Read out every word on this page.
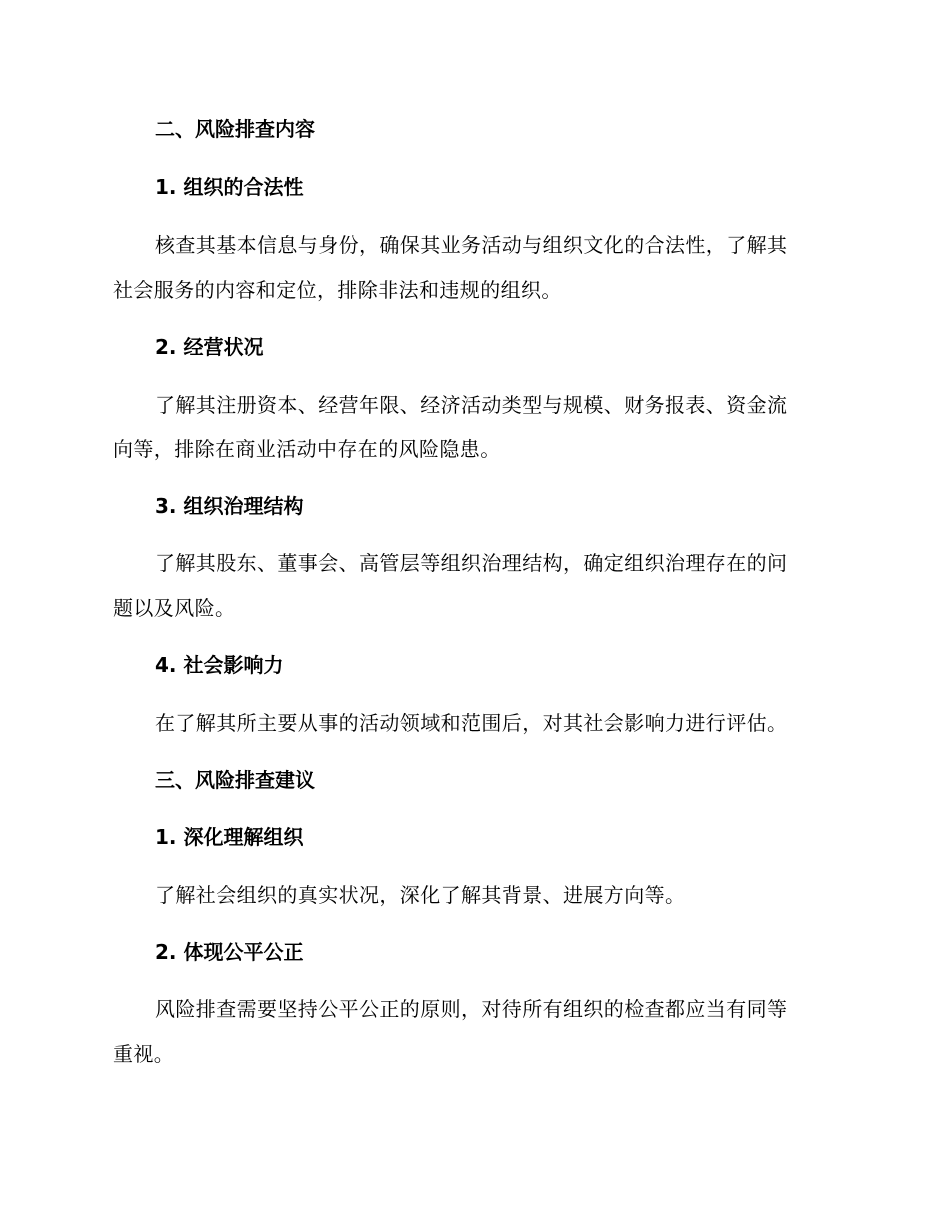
二、风险排查内容
1. 组织的合法性
核查其基本信息与身份，确保其业务活动与组织文化的合法性，了解其
社会服务的内容和定位，排除非法和违规的组织。
2. 经营状况
了解其注册资本、经营年限、经济活动类型与规模、财务报表、资金流
向等，排除在商业活动中存在的风险隐患。
3. 组织治理结构
了解其股东、董事会、高管层等组织治理结构，确定组织治理存在的问
题以及风险。
4. 社会影响力
在了解其所主要从事的活动领域和范围后，对其社会影响力进行评估。
三、风险排查建议
1. 深化理解组织
了解社会组织的真实状况，深化了解其背景、进展方向等。
2. 体现公平公正
风险排查需要坚持公平公正的原则，对待所有组织的检查都应当有同等
重视。
